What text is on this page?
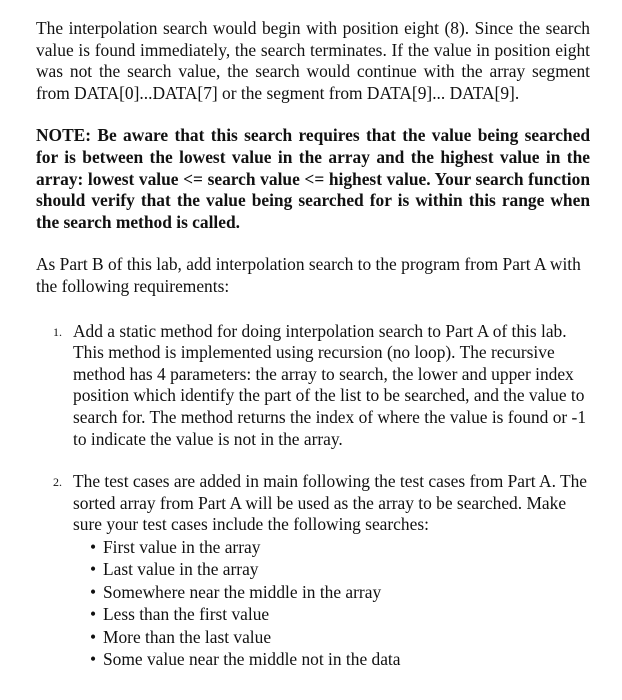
The interpolation search would begin with position eight (8). Since the search value is found immediately, the search terminates. If the value in position eight was not the search value, the search would continue with the array segment from DATA[0]...DATA[7] or the segment from DATA[9]... DATA[9].

NOTE: Be aware that this search requires that the value being searched for is between the lowest value in the array and the highest value in the array: lowest value <= search value <= highest value. Your search function should verify that the value being searched for is within this range when the search method is called.

As Part B of this lab, add interpolation search to the program from Part A with the following requirements:

1. Add a static method for doing interpolation search to Part A of this lab. This method is implemented using recursion (no loop). The recursive method has 4 parameters: the array to search, the lower and upper index position which identify the part of the list to be searched, and the value to search for. The method returns the index of where the value is found or -1 to indicate the value is not in the array.
2. The test cases are added in main following the test cases from Part A. The sorted array from Part A will be used as the array to be searched. Make sure your test cases include the following searches:
• First value in the array
• Last value in the array
• Somewhere near the middle in the array
• Less than the first value
• More than the last value
• Some value near the middle not in the data
